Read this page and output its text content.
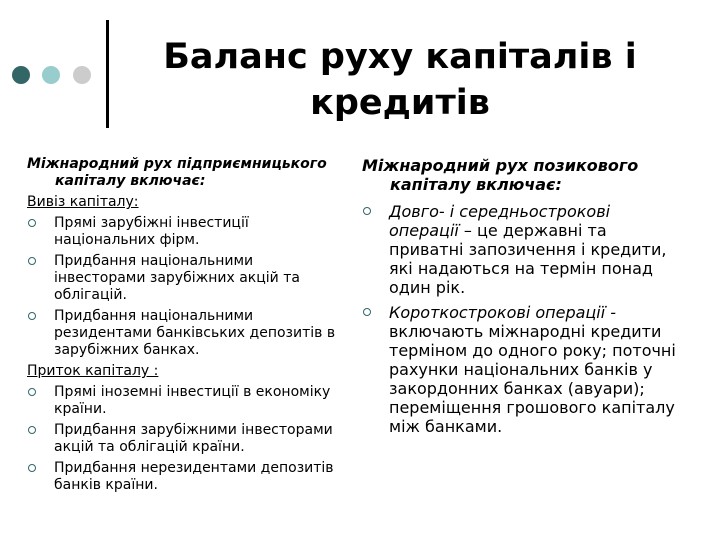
Баланс руху капіталів і кредитів
Міжнародний рух підприємницького капіталу включає:
Вивіз капіталу:
Прямі зарубіжні інвестиції національних фірм.
Придбання національними інвесторами зарубіжних акцій та облігацій.
Придбання національними резидентами банківських депозитів в зарубіжних банках.
Приток капіталу :
Прямі іноземні інвестиції в економіку країни.
Придбання зарубіжними інвесторами акцій та облігацій країни.
Придбання нерезидентами депозитів банків країни.
Міжнародний рух позикового капіталу включає:
Довго- і середньострокові операції – це державні та приватні запозичення і кредити, які надаються на термін понад один рік.
Короткострокові операції - включають міжнародні кредити терміном до одного року; поточні рахунки національних банків у закордонних банках (авуари); переміщення грошового капіталу між банками.
